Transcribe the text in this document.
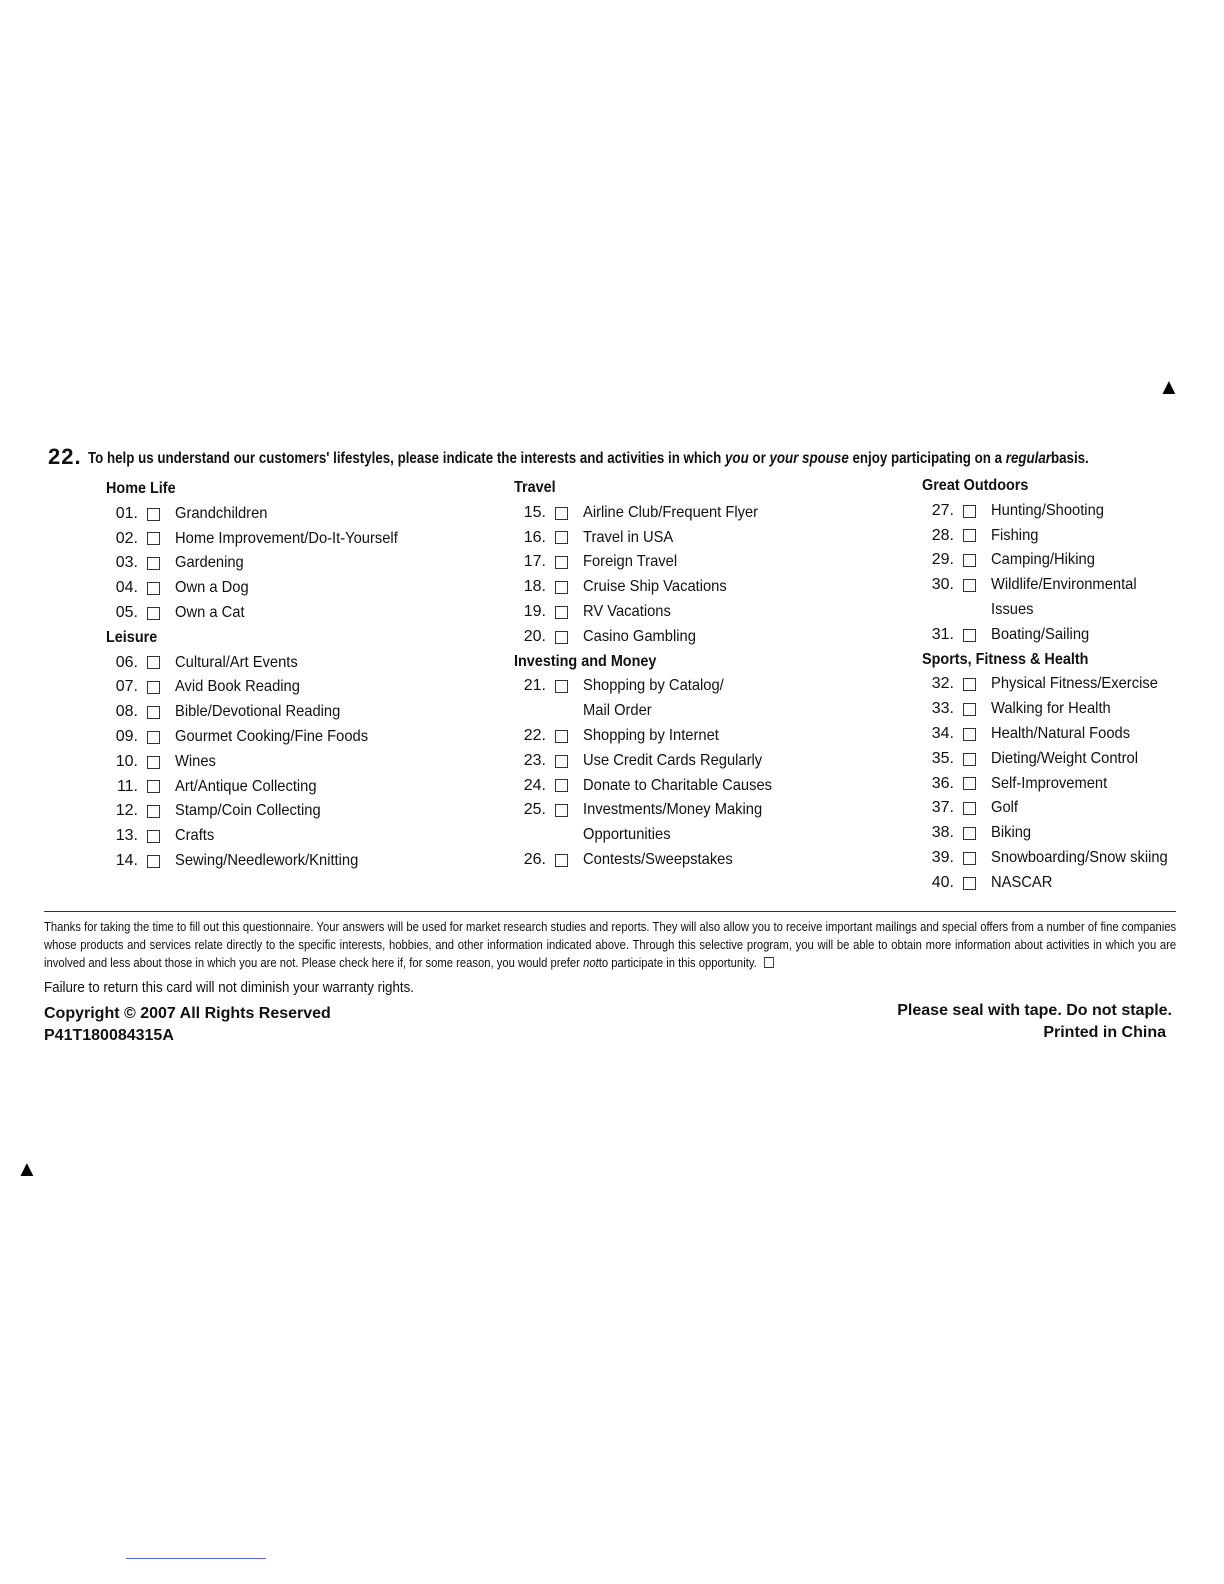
▲
22. To help us understand our customers' lifestyles, please indicate the interests and activities in which you or your spouse enjoy participating on a regularbasis.
Home Life
01. Grandchildren
02. Home Improvement/Do-It-Yourself
03. Gardening
04. Own a Dog
05. Own a Cat
Leisure
06. Cultural/Art Events
07. Avid Book Reading
08. Bible/Devotional Reading
09. Gourmet Cooking/Fine Foods
10. Wines
11. Art/Antique Collecting
12. Stamp/Coin Collecting
13. Crafts
14. Sewing/Needlework/Knitting
Travel
15. Airline Club/Frequent Flyer
16. Travel in USA
17. Foreign Travel
18. Cruise Ship Vacations
19. RV Vacations
20. Casino Gambling
Investing and Money
21. Shopping by Catalog/
Mail Order
22. Shopping by Internet
23. Use Credit Cards Regularly
24. Donate to Charitable Causes
25. Investments/Money Making
Opportunities
26. Contests/Sweepstakes
Great Outdoors
27. Hunting/Shooting
28. Fishing
29. Camping/Hiking
30. Wildlife/Environmental
Issues
31. Boating/Sailing
Sports, Fitness & Health
32. Physical Fitness/Exercise
33. Walking for Health
34. Health/Natural Foods
35. Dieting/Weight Control
36. Self-Improvement
37. Golf
38. Biking
39. Snowboarding/Snow skiing
40. NASCAR
Thanks for taking the time to fill out this questionnaire. Your answers will be used for market research studies and reports. They will also allow you to receive important mailings and special offers from a number of fine companies whose products and services relate directly to the specific interests, hobbies, and other information indicated above. Through this selective program, you will be able to obtain more information about activities in which you are involved and less about those in which you are not. Please check here if, for some reason, you would prefer notto participate in this opportunity.
Failure to return this card will not diminish your warranty rights.
Copyright © 2007 All Rights Reserved
P41T180084315A
Please seal with tape. Do not staple.
Printed in China
▲
